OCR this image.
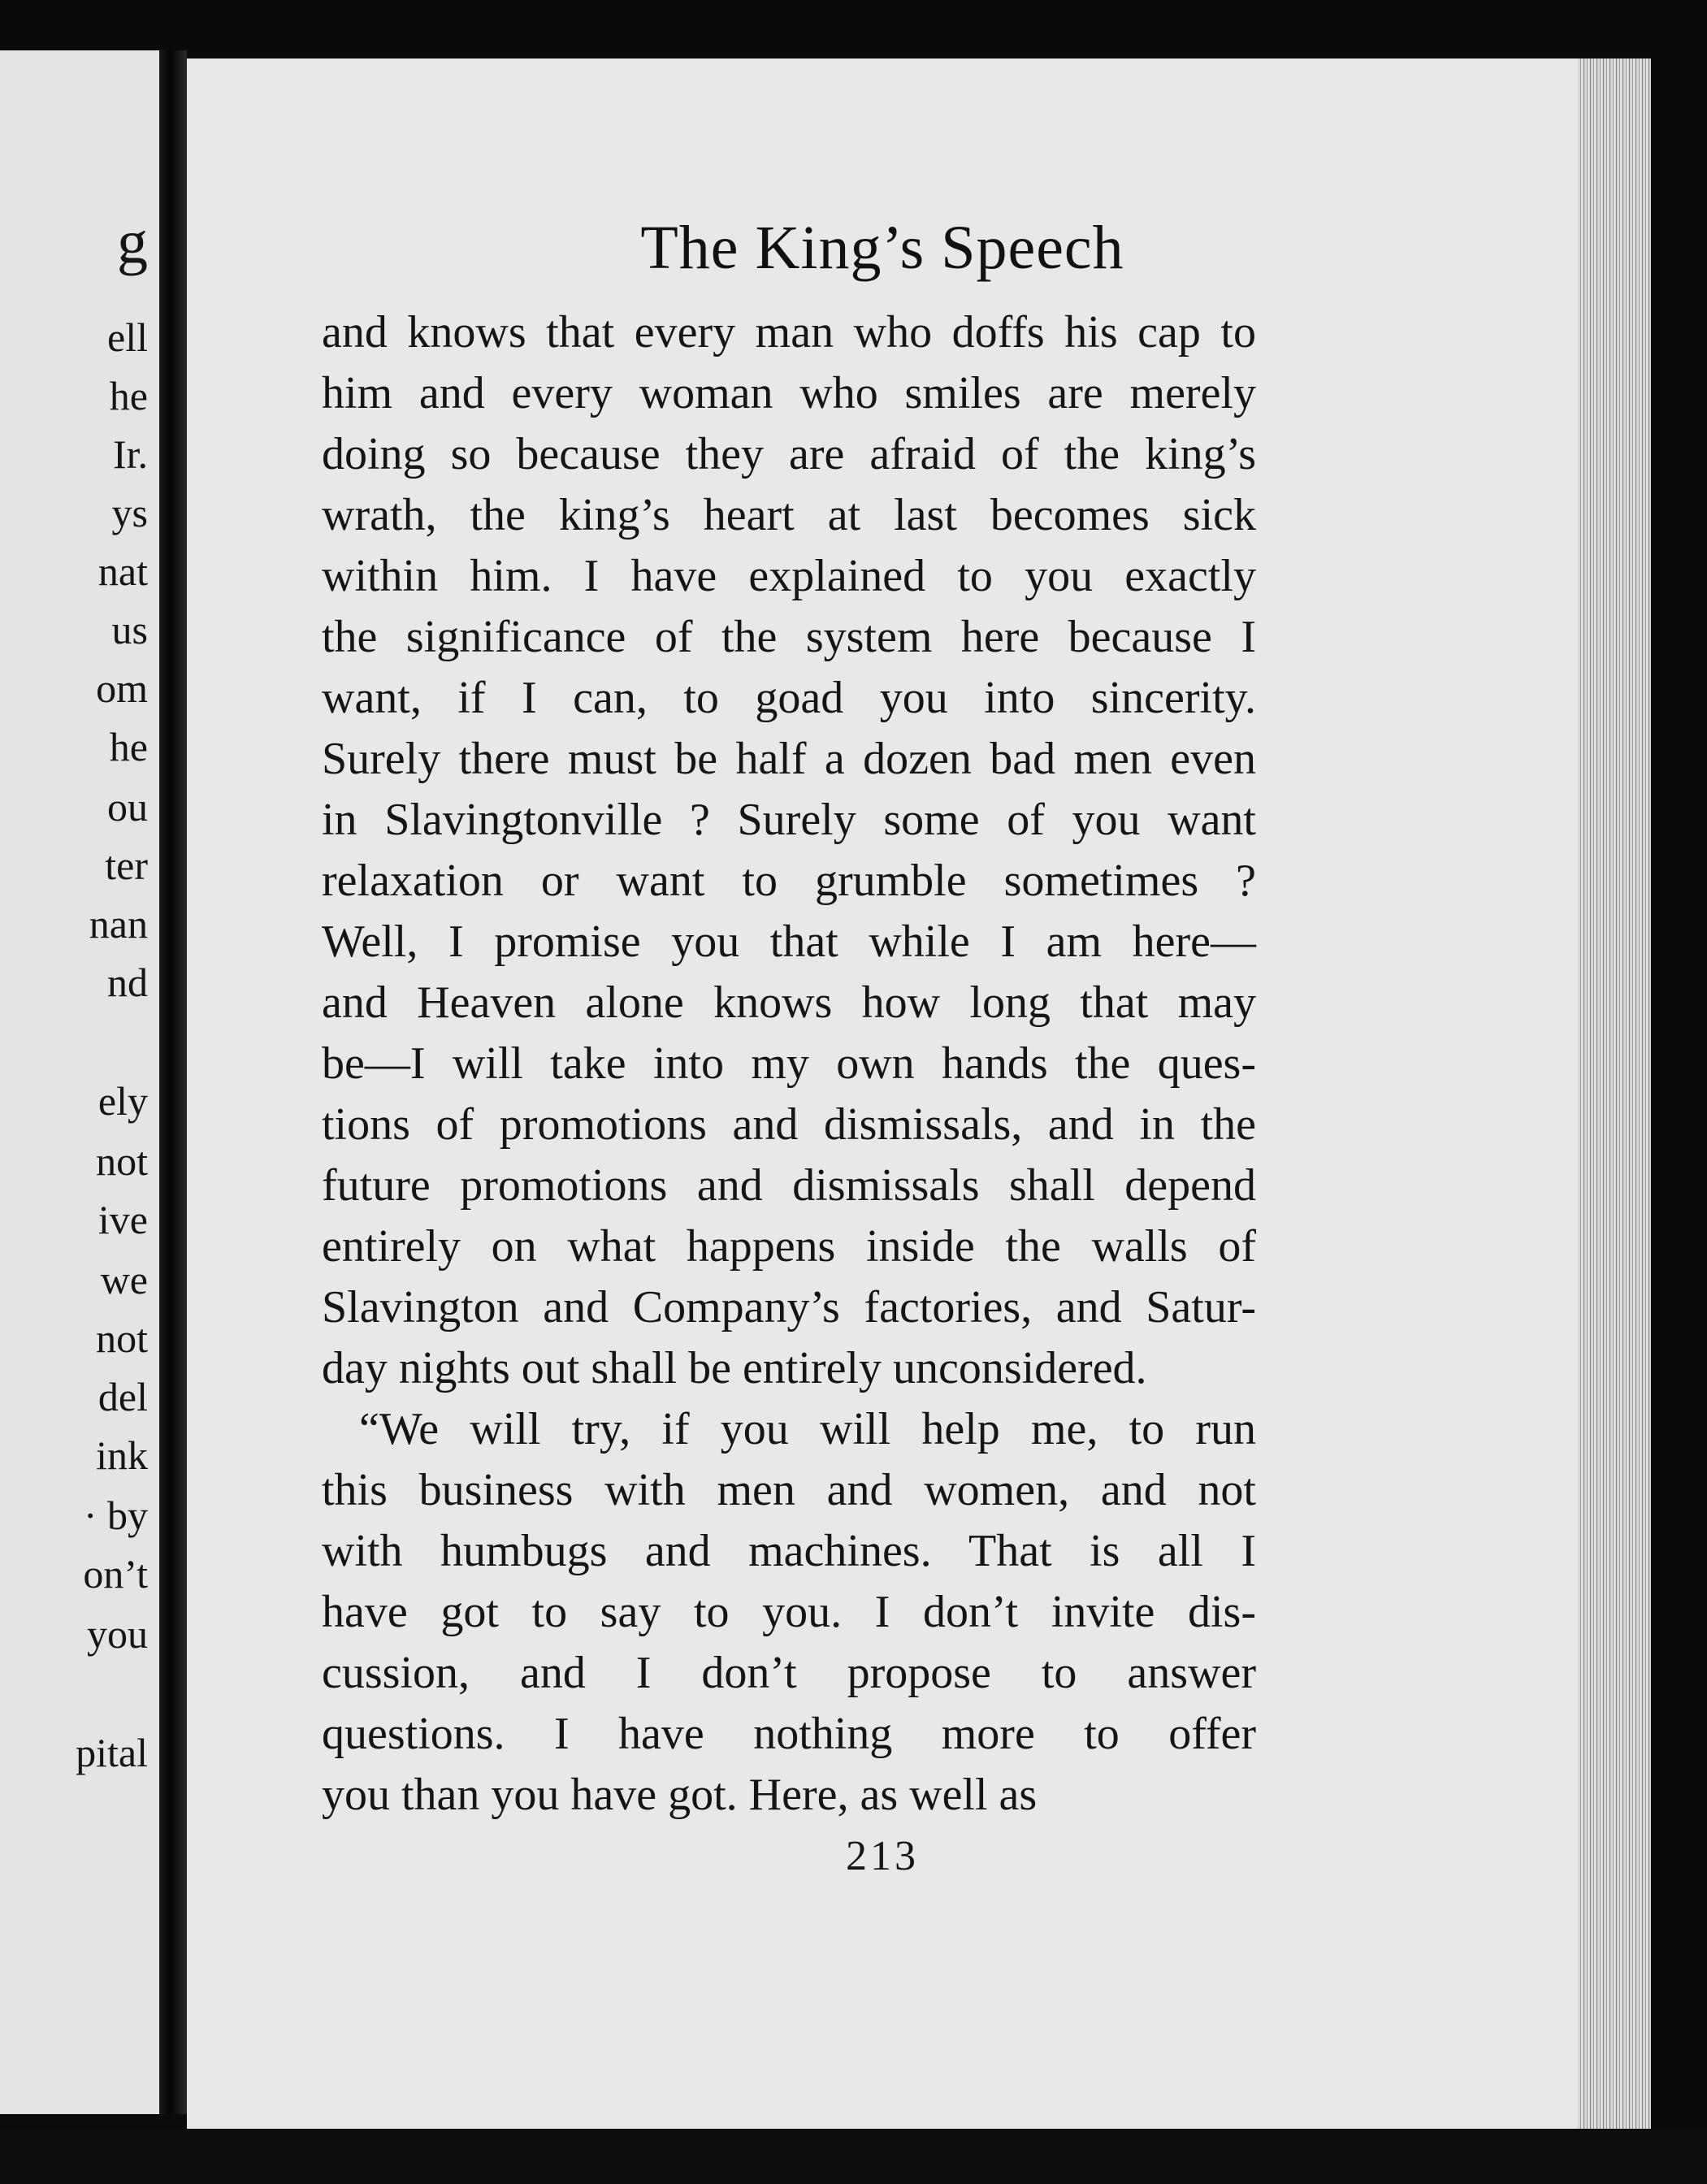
g
ell
he
Ir.
ys
nat
us
om
he
ou
ter
nan
nd
ely
not
ive
we
not
del
ink
· by
on’t
you
pital
The King’s Speech
and knows that every man who doffs his cap to
him and every woman who smiles are merely
doing so because they are afraid of the king’s
wrath, the king’s heart at last becomes sick
within him. I have explained to you exactly
the significance of the system here because I
want, if I can, to goad you into sincerity.
Surely there must be half a dozen bad men even
in Slavingtonville ? Surely some of you want
relaxation or want to grumble sometimes ?
Well, I promise you that while I am here—
and Heaven alone knows how long that may
be—I will take into my own hands the ques-
tions of promotions and dismissals, and in the
future promotions and dismissals shall depend
entirely on what happens inside the walls of
Slavington and Company’s factories, and Satur-
day nights out shall be entirely unconsidered.
“We will try, if you will help me, to run
this business with men and women, and not
with humbugs and machines. That is all I
have got to say to you. I don’t invite dis-
cussion, and I don’t propose to answer
questions. I have nothing more to offer
you than you have got. Here, as well as
213
